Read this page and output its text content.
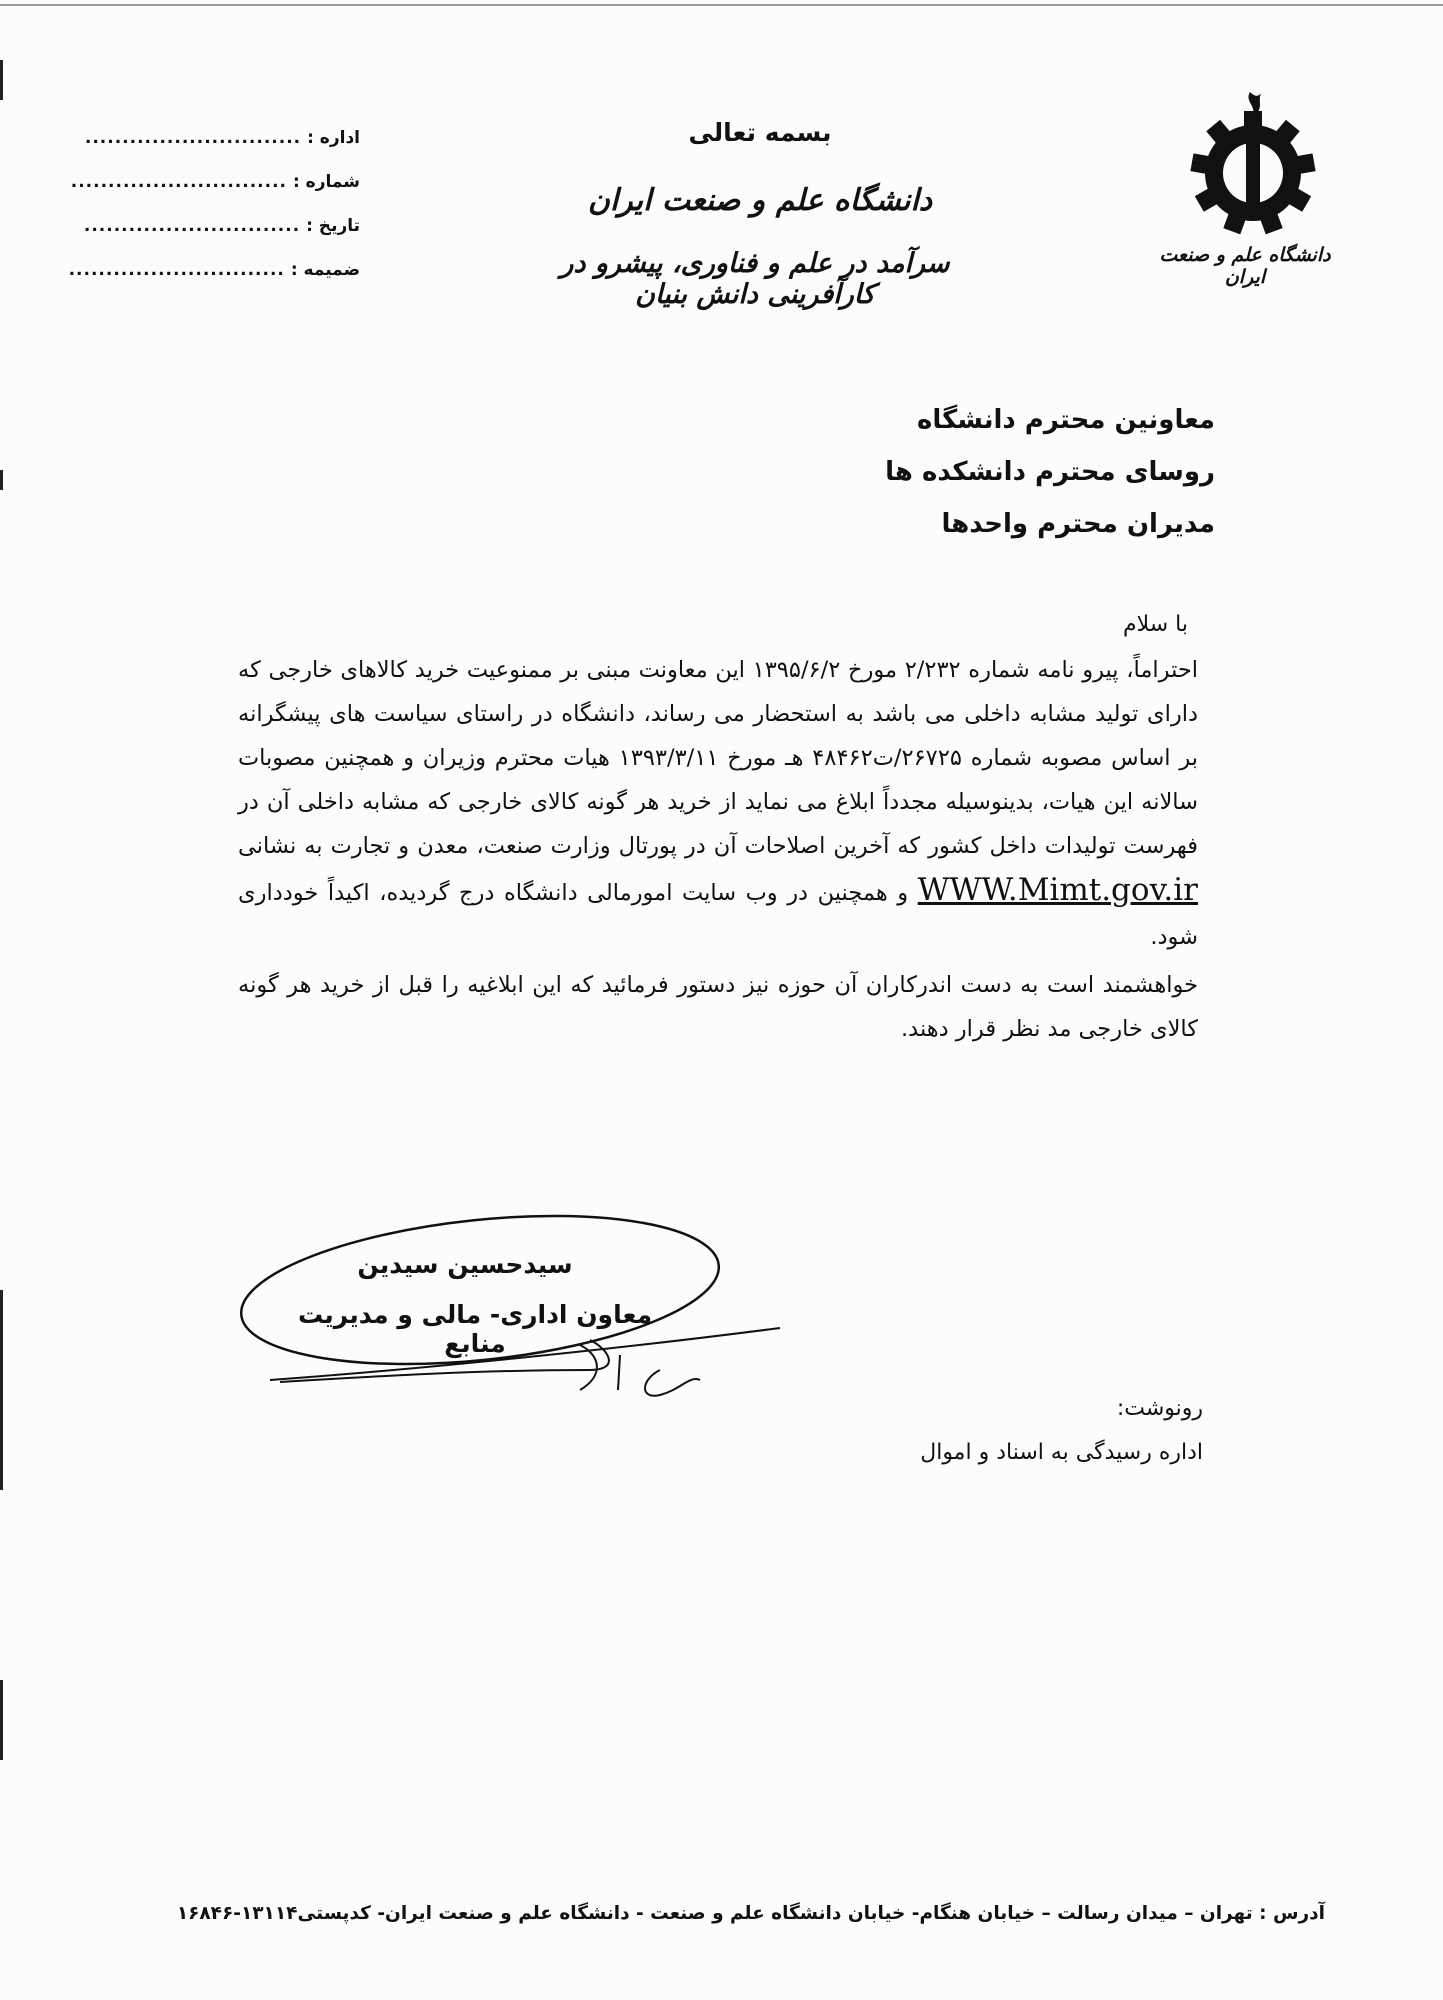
اداره : .............................
شماره : .............................
تاریخ : .............................
ضمیمه : .............................
بسمه تعالی
دانشگاه علم و صنعت ایران
سرآمد در علم و فناوری، پیشرو در کارآفرینی دانش بنیان
دانشگاه علم و صنعت ایران
معاونین محترم دانشگاه
روسای محترم دانشکده ها
مدیران محترم واحدها
با سلام

احتراماً، پیرو نامه شماره ۲/۲۳۲ مورخ ۱۳۹۵/۶/۲ این معاونت مبنی بر ممنوعیت خرید کالاهای خارجی که دارای تولید مشابه داخلی می باشد به استحضار می رساند، دانشگاه در راستای سیاست های پیشگرانه بر اساس مصوبه شماره ۲۶۷۲۵/ت۴۸۴۶۲ هـ مورخ ۱۳۹۳/۳/۱۱ هیات محترم وزیران و همچنین مصوبات سالانه این هیات، بدینوسیله مجدداً ابلاغ می نماید از خرید هر گونه کالای خارجی که مشابه داخلی آن در فهرست تولیدات داخل کشور که آخرین اصلاحات آن در پورتال وزارت صنعت، معدن و تجارت به نشانی WWW.Mimt.gov.ir و همچنین در وب سایت امورمالی دانشگاه درج گردیده، اکیداً خودداری شود.

خواهشمند است به دست اندرکاران آن حوزه نیز دستور فرمائید که این ابلاغیه را قبل از خرید هر گونه کالای خارجی مد نظر قرار دهند.

سیدحسین سیدین
معاون اداری- مالی و مدیریت منابع
رونوشت:
اداره رسیدگی به اسناد و اموال
آدرس : تهران – میدان رسالت – خیابان هنگام- خیابان دانشگاه علم و صنعت - دانشگاه علم و صنعت ایران- کدپستی۱۳۱۱۴-۱۶۸۴۶
